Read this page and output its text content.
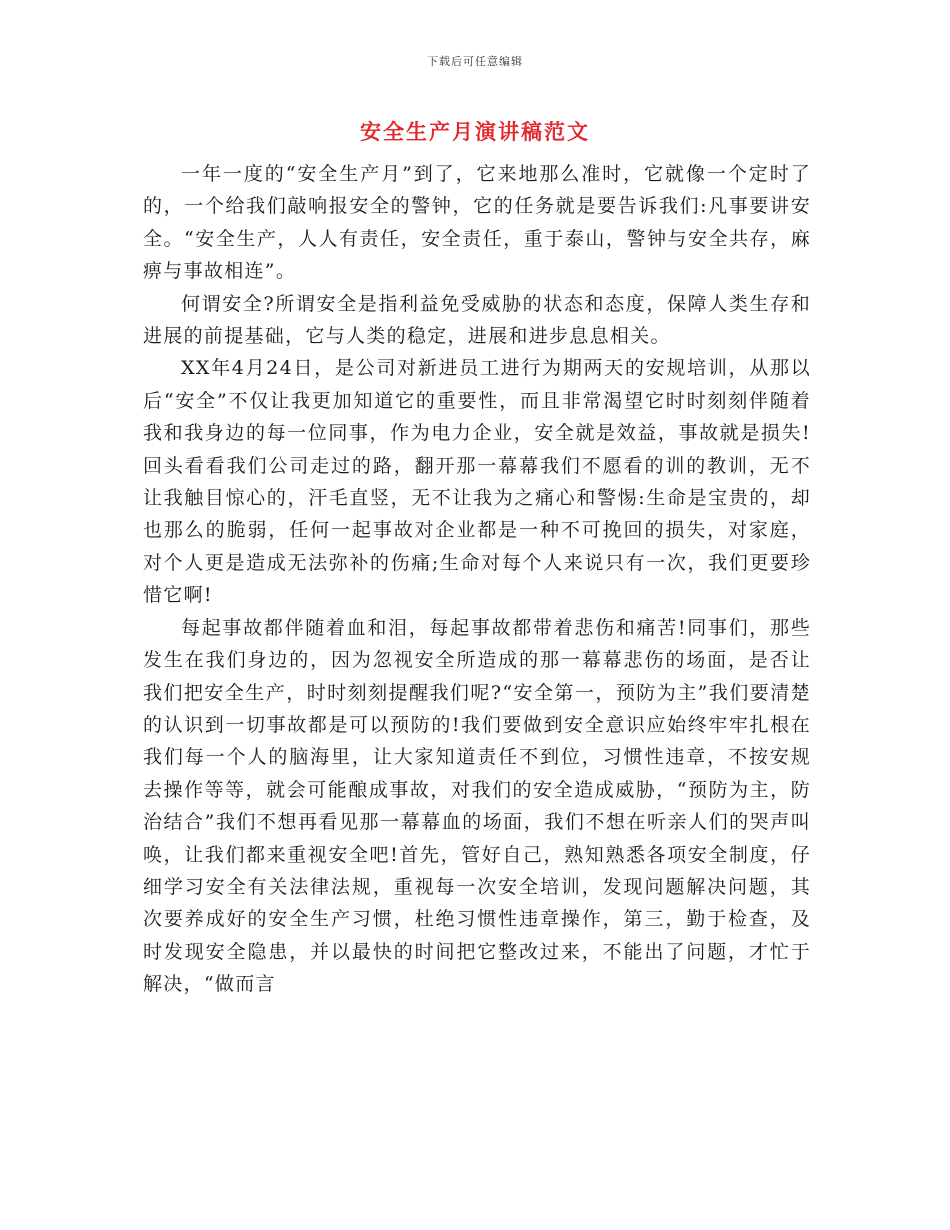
下载后可任意编辑
安全生产月演讲稿范文

一年一度的“安全生产月”到了，它来地那么准时，它就像一个定时了的，一个给我们敲响报安全的警钟，它的任务就是要告诉我们:凡事要讲安全。“安全生产，人人有责任，安全责任，重于泰山，警钟与安全共存，麻痹与事故相连”。

何谓安全?所谓安全是指利益免受威胁的状态和态度，保障人类生存和进展的前提基础，它与人类的稳定，进展和进步息息相关。

XX年4月24日，是公司对新进员工进行为期两天的安规培训，从那以后“安全”不仅让我更加知道它的重要性，而且非常渴望它时时刻刻伴随着我和我身边的每一位同事，作为电力企业，安全就是效益，事故就是损失!回头看看我们公司走过的路，翻开那一幕幕我们不愿看的训的教训，无不让我触目惊心的，汗毛直竖，无不让我为之痛心和警惕:生命是宝贵的，却也那么的脆弱，任何一起事故对企业都是一种不可挽回的损失，对家庭，对个人更是造成无法弥补的伤痛;生命对每个人来说只有一次，我们更要珍惜它啊!

每起事故都伴随着血和泪，每起事故都带着悲伤和痛苦!同事们，那些发生在我们身边的，因为忽视安全所造成的那一幕幕悲伤的场面，是否让我们把安全生产，时时刻刻提醒我们呢?“安全第一，预防为主”我们要清楚的认识到一切事故都是可以预防的!我们要做到安全意识应始终牢牢扎根在我们每一个人的脑海里，让大家知道责任不到位，习惯性违章，不按安规去操作等等，就会可能酿成事故，对我们的安全造成威胁，“预防为主，防治结合”我们不想再看见那一幕幕血的场面，我们不想在听亲人们的哭声叫唤，让我们都来重视安全吧!首先，管好自己，熟知熟悉各项安全制度，仔细学习安全有关法律法规，重视每一次安全培训，发现问题解决问题，其次要养成好的安全生产习惯，杜绝习惯性违章操作，第三，勤于检查，及时发现安全隐患，并以最快的时间把它整改过来，不能出了问题，才忙于解决，“做而言
